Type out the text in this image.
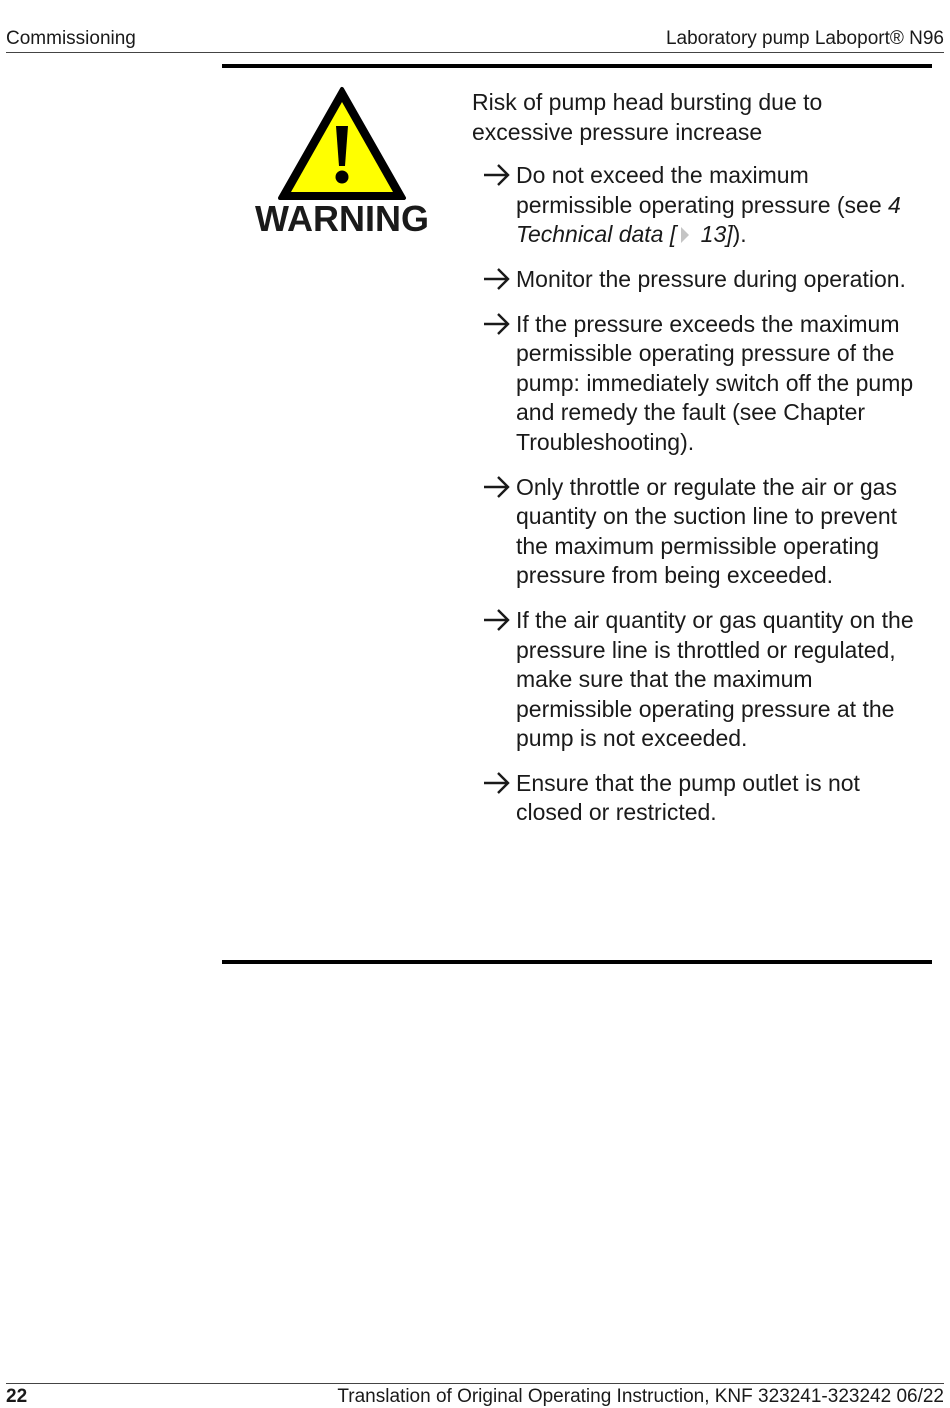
Commissioning	Laboratory pump Laboport® N96
WARNING

Risk of pump head bursting due to excessive pressure increase

Do not exceed the maximum permissible operating pressure (see 4 Technical data [ 13]).

Monitor the pressure during operation.

If the pressure exceeds the maximum permissible operating pressure of the pump: immediately switch off the pump and remedy the fault (see Chapter Troubleshooting).

Only throttle or regulate the air or gas quantity on the suction line to prevent the maximum permissible operating pressure from being exceeded.

If the air quantity or gas quantity on the pressure line is throttled or regulated, make sure that the maximum permissible operating pressure at the pump is not exceeded.

Ensure that the pump outlet is not closed or restricted.

22	Translation of Original Operating Instruction, KNF 323241-323242 06/22
